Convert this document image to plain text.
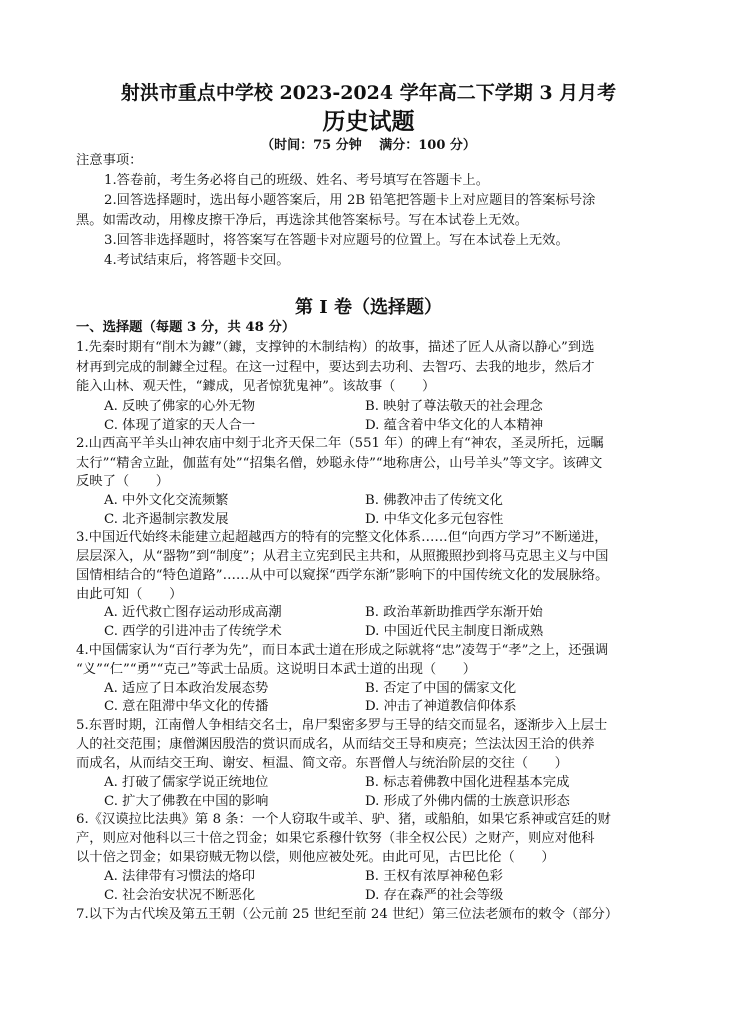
射洪市重点中学校 2023-2024 学年高二下学期 3 月月考
历史试题
（时间：75 分钟　 满分：100 分）
注意事项：
1.答卷前，考生务必将自己的班级、姓名、考号填写在答题卡上。
2.回答选择题时，选出每小题答案后，用 2B 铅笔把答题卡上对应题目的答案标号涂
黑。如需改动，用橡皮擦干净后，再选涂其他答案标号。写在本试卷上无效。
3.回答非选择题时，将答案写在答题卡对应题号的位置上。写在本试卷上无效。
4.考试结束后，将答题卡交回。
第 I 卷（选择题）
一、选择题（每题 3 分，共 48 分）
1.先秦时期有“削木为鐻”（鐻，支撑钟的木制结构）的故事，描述了匠人从斋以静心”到选
材再到完成的制鐻全过程。在这一过程中，要达到去功利、去智巧、去我的地步，然后才
能入山林、观天性，“鐻成，见者惊犹鬼神”。该故事（　　）
A. 反映了佛家的心外无物	B. 映射了尊法敬天的社会理念
C. 体现了道家的天人合一	D. 蕴含着中华文化的人本精神
2.山西高平羊头山神农庙中刻于北齐天保二年（551 年）的碑上有“神农，圣灵所托，远瞩
太行”“精舍立趾，伽蓝有处”“招集名僧，妙聪永侍”“地称唐公，山号羊头”等文字。该碑文
反映了（　　）
A. 中外文化交流频繁	B. 佛教冲击了传统文化
C. 北齐遏制宗教发展	D. 中华文化多元包容性
3.中国近代始终未能建立起超越西方的特有的完整文化体系……但“向西方学习”不断递进，
层层深入，从“器物”到“制度”；从君主立宪到民主共和，从照搬照抄到将马克思主义与中国
国情相结合的“特色道路”……从中可以窥探“西学东渐”影响下的中国传统文化的发展脉络。
由此可知（　　）
A. 近代救亡图存运动形成高潮	B. 政治革新助推西学东渐开始
C. 西学的引进冲击了传统学术	D. 中国近代民主制度日渐成熟
4.中国儒家认为“百行孝为先”，而日本武士道在形成之际就将“忠”凌驾于“孝”之上，还强调
“义”“仁”“勇”“克己”等武士品质。这说明日本武士道的出现（　　）
A. 适应了日本政治发展态势	B. 否定了中国的儒家文化
C. 意在阻滞中华文化的传播	D. 冲击了神道教信仰体系
5.东晋时期，江南僧人争相结交名士，帛尸梨密多罗与王导的结交而显名，逐渐步入上层士
人的社交范围；康僧渊因殷浩的赏识而成名，从而结交王导和庾亮；竺法汰因王洽的供养
而成名，从而结交王珣、谢安、桓温、简文帝。东晋僧人与统治阶层的交往（　　）
A. 打破了儒家学说正统地位	B. 标志着佛教中国化进程基本完成
C. 扩大了佛教在中国的影响	D. 形成了外佛内儒的士族意识形态
6.《汉谟拉比法典》第 8 条：一个人窃取牛或羊、驴、猪，或船舶，如果它系神或宫廷的财
产，则应对他科以三十倍之罚金；如果它系穆什钦努（非全权公民）之财产，则应对他科
以十倍之罚金；如果窃贼无物以偿，则他应被处死。由此可见，古巴比伦（　　）
A. 法律带有习惯法的烙印	B. 王权有浓厚神秘色彩
C. 社会治安状况不断恶化	D. 存在森严的社会等级
7.以下为古代埃及第五王朝（公元前 25 世纪至前 24 世纪）第三位法老颁布的敕令（部分）
